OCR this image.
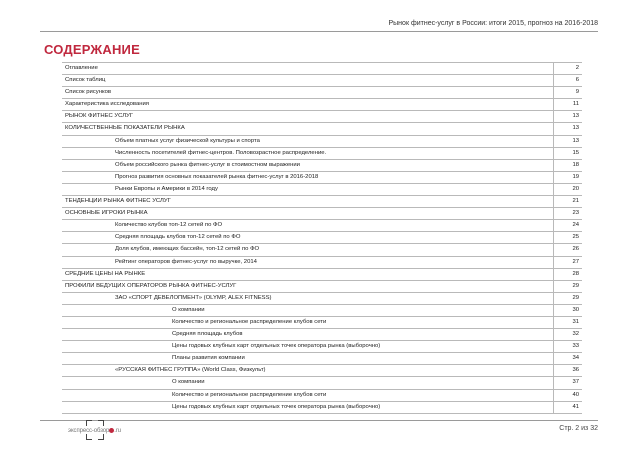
Рынок фитнес-услуг в России: итоги 2015, прогноз на 2016-2018
СОДЕРЖАНИЕ
Оглавление	2
Список таблиц	6
Список рисунков	9
Характеристика исследования	11
РЫНОК ФИТНЕС УСЛУГ	13
КОЛИЧЕСТВЕННЫЕ ПОКАЗАТЕЛИ РЫНКА	13
Объем платных услуг физической культуры и спорта	13
Численность посетителей фитнес-центров. Половозрастное распределение.	15
Объем российского рынка фитнес-услуг в стоимостном выражении	18
Прогноз развития основных показателей рынка фитнес-услуг в 2016-2018	19
Рынки Европы и Америки в 2014 году	20
ТЕНДЕНЦИИ РЫНКА ФИТНЕС УСЛУГ	21
ОСНОВНЫЕ ИГРОКИ РЫНКА	23
Количество клубов топ-12 сетей по ФО	24
Средняя площадь клубов топ-12 сетей по ФО	25
Доля клубов, имеющих бассейн, топ-12 сетей по ФО	26
Рейтинг операторов фитнес-услуг по выручке, 2014	27
СРЕДНИЕ ЦЕНЫ НА РЫНКЕ	28
ПРОФИЛИ ВЕДУЩИХ ОПЕРАТОРОВ РЫНКА ФИТНЕС-УСЛУГ	29
ЗАО «СПОРТ ДЕВЕЛОПМЕНТ» (OLYMP, ALEX FITNESS)	29
О компании	30
Количество и региональное распределение клубов сети	31
Средняя площадь клубов	32
Цены годовых клубных карт отдельных точек оператора рынка (выборочно)	33
Планы развития компании	34
«РУССКАЯ ФИТНЕС ГРУППА» (World Class, Физкульт)	36
О компании	37
Количество и региональное распределение клубов сети	40
Цены годовых клубных карт отдельных точек оператора рынка (выборочно)	41
экспресс-обзор .ru	Стр. 2 из 32
